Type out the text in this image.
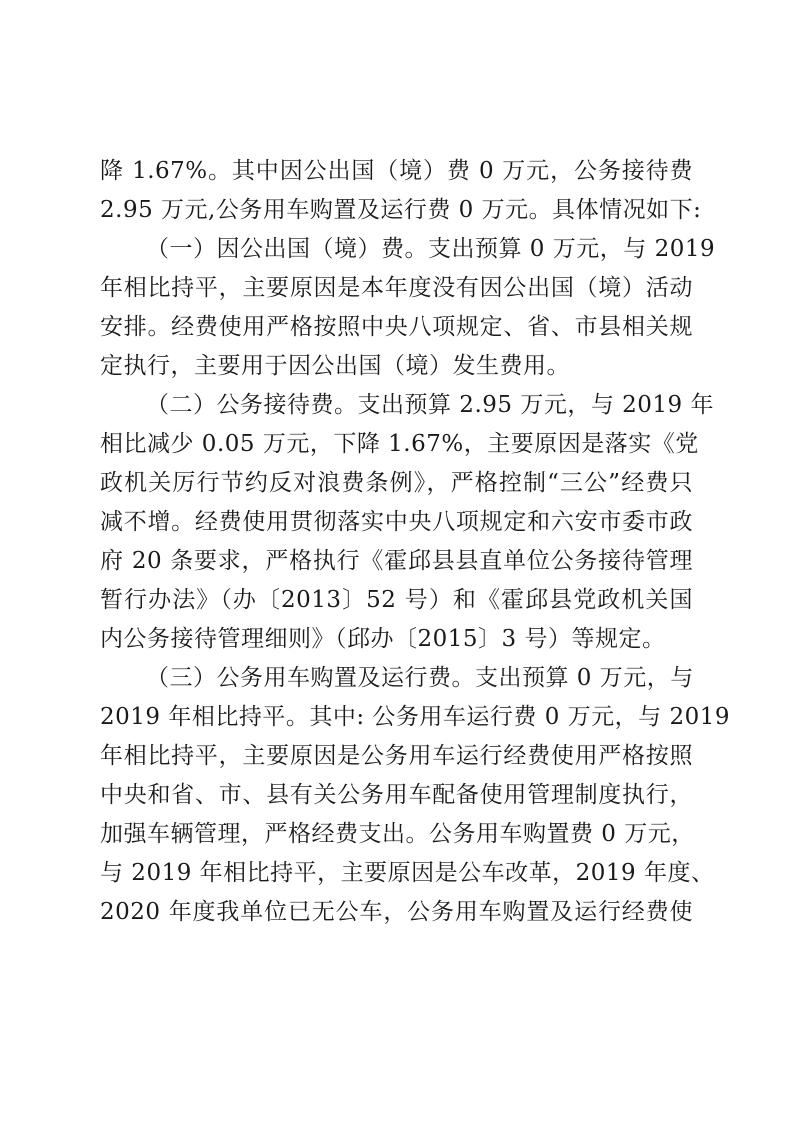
降 1.67%。其中因公出国（境）费 0 万元，公务接待费
2.95 万元,公务用车购置及运行费 0 万元。具体情况如下:
（一）因公出国（境）费。支出预算 0 万元，与 2019
年相比持平，主要原因是本年度没有因公出国（境）活动
安排。经费使用严格按照中央八项规定、省、市县相关规
定执行，主要用于因公出国（境）发生费用。
（二）公务接待费。支出预算 2.95 万元，与 2019 年
相比减少 0.05 万元，下降 1.67%，主要原因是落实《党
政机关厉行节约反对浪费条例》，严格控制“三公”经费只
减不增。经费使用贯彻落实中央八项规定和六安市委市政
府 20 条要求，严格执行《霍邱县县直单位公务接待管理
暂行办法》（办〔2013〕52 号）和《霍邱县党政机关国
内公务接待管理细则》（邱办〔2015〕3 号）等规定。
（三）公务用车购置及运行费。支出预算 0 万元，与
2019 年相比持平。其中: 公务用车运行费 0 万元，与 2019
年相比持平，主要原因是公务用车运行经费使用严格按照
中央和省、市、县有关公务用车配备使用管理制度执行，
加强车辆管理，严格经费支出。公务用车购置费 0 万元，
与 2019 年相比持平，主要原因是公车改革，2019 年度、
2020 年度我单位已无公车，公务用车购置及运行经费使
